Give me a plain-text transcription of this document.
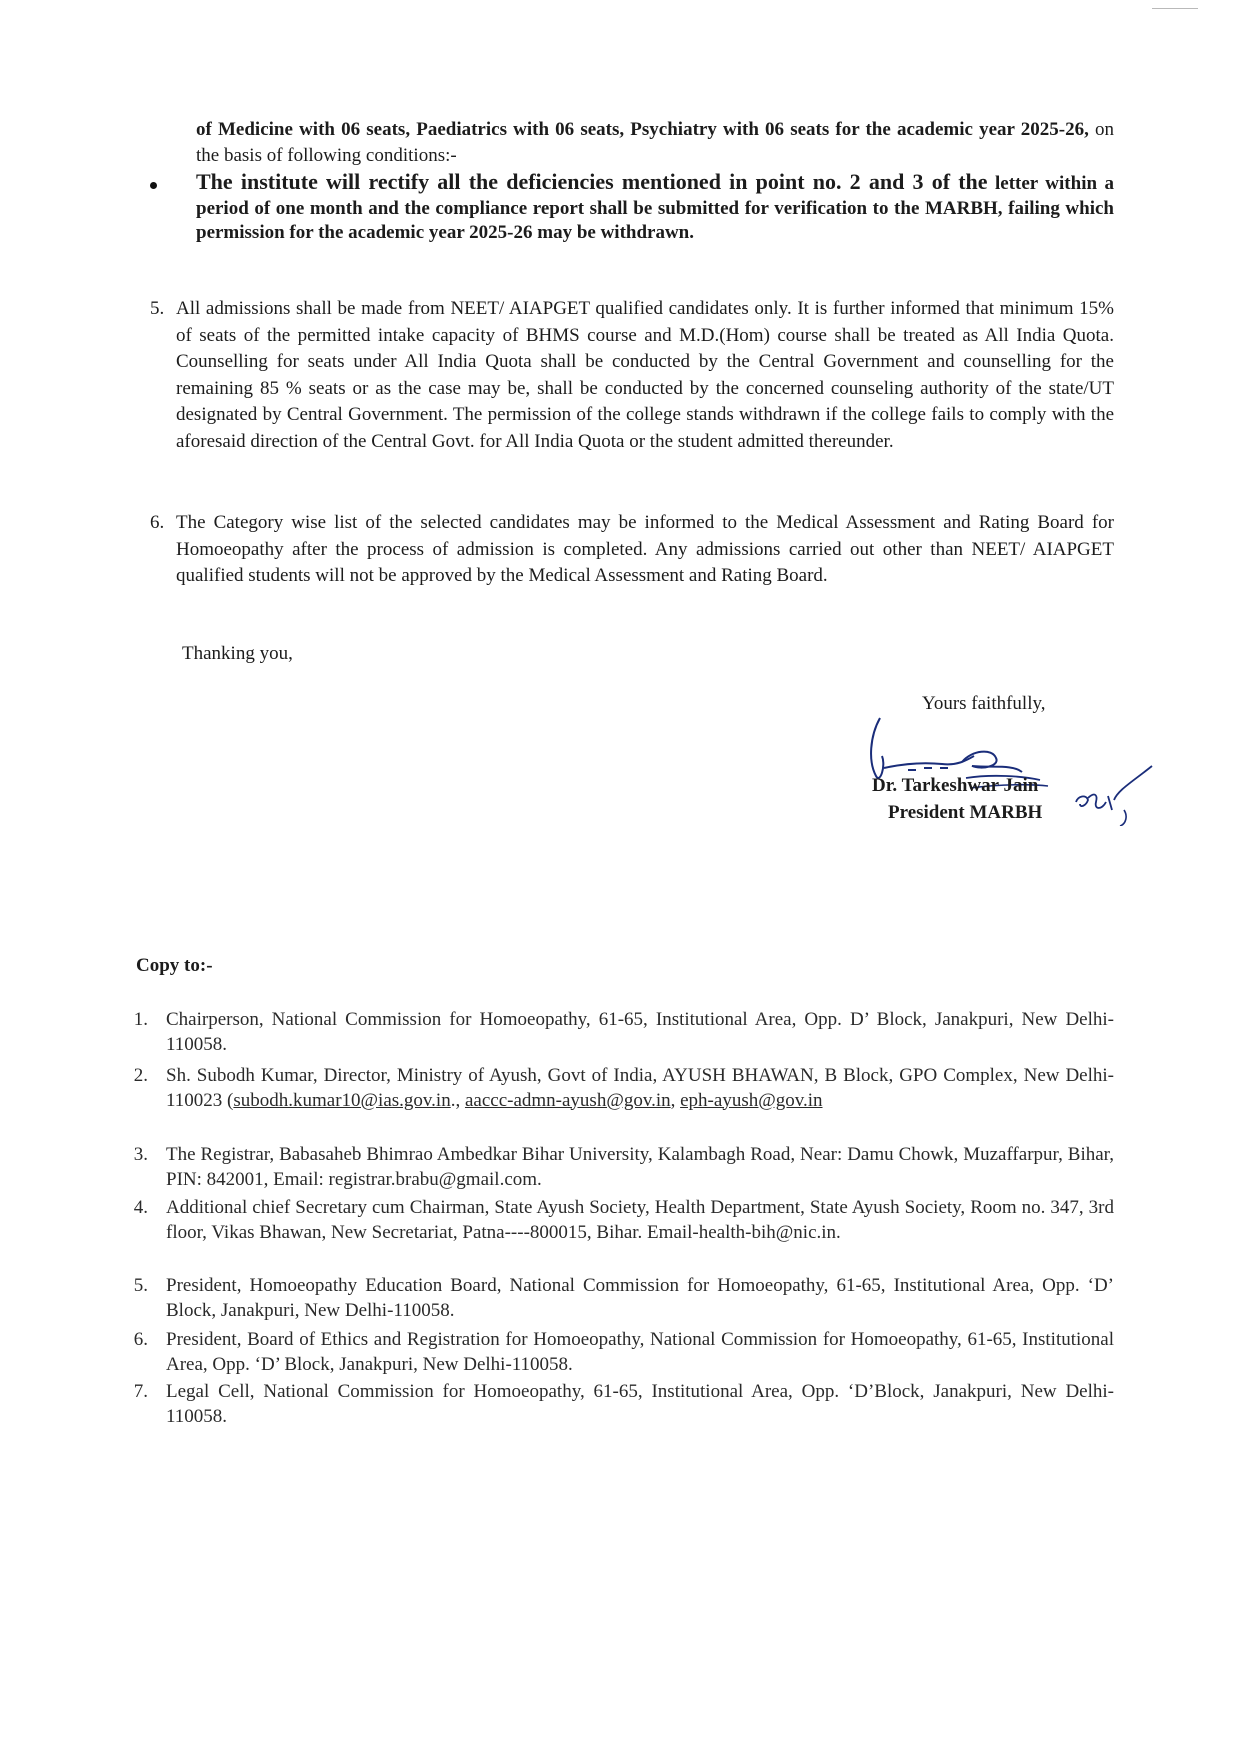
of Medicine with 06 seats, Paediatrics with 06 seats, Psychiatry with 06 seats for the academic year 2025-26, on the basis of following conditions:-
The institute will rectify all the deficiencies mentioned in point no. 2 and 3 of the letter within a period of one month and the compliance report shall be submitted for verification to the MARBH, failing which permission for the academic year 2025-26 may be withdrawn.
5. All admissions shall be made from NEET/ AIAPGET qualified candidates only. It is further informed that minimum 15% of seats of the permitted intake capacity of BHMS course and M.D.(Hom) course shall be treated as All India Quota. Counselling for seats under All India Quota shall be conducted by the Central Government and counselling for the remaining 85 % seats or as the case may be, shall be conducted by the concerned counseling authority of the state/UT designated by Central Government. The permission of the college stands withdrawn if the college fails to comply with the aforesaid direction of the Central Govt. for All India Quota or the student admitted thereunder.
6. The Category wise list of the selected candidates may be informed to the Medical Assessment and Rating Board for Homoeopathy after the process of admission is completed. Any admissions carried out other than NEET/ AIAPGET qualified students will not be approved by the Medical Assessment and Rating Board.
Thanking you,
Yours faithfully,
Dr. Tarkeshwar Jain
President MARBH
Copy to:-
1. Chairperson, National Commission for Homoeopathy, 61-65, Institutional Area, Opp. D’ Block, Janakpuri, New Delhi-110058.
2. Sh. Subodh Kumar, Director, Ministry of Ayush, Govt of India, AYUSH BHAWAN, B Block, GPO Complex, New Delhi- 110023 (subodh.kumar10@ias.gov.in., aaccc-admn-ayush@gov.in, eph-ayush@gov.in
3. The Registrar, Babasaheb Bhimrao Ambedkar Bihar University, Kalambagh Road, Near: Damu Chowk, Muzaffarpur, Bihar, PIN: 842001, Email: registrar.brabu@gmail.com.
4. Additional chief Secretary cum Chairman, State Ayush Society, Health Department, State Ayush Society, Room no. 347, 3rd floor, Vikas Bhawan, New Secretariat, Patna----800015, Bihar. Email-health-bih@nic.in.
5. President, Homoeopathy Education Board, National Commission for Homoeopathy, 61-65, Institutional Area, Opp. ‘D’ Block, Janakpuri, New Delhi-110058.
6. President, Board of Ethics and Registration for Homoeopathy, National Commission for Homoeopathy, 61-65, Institutional Area, Opp. ‘D’ Block, Janakpuri, New Delhi-110058.
7. Legal Cell, National Commission for Homoeopathy, 61-65, Institutional Area, Opp. ‘D’Block, Janakpuri, New Delhi-110058.
